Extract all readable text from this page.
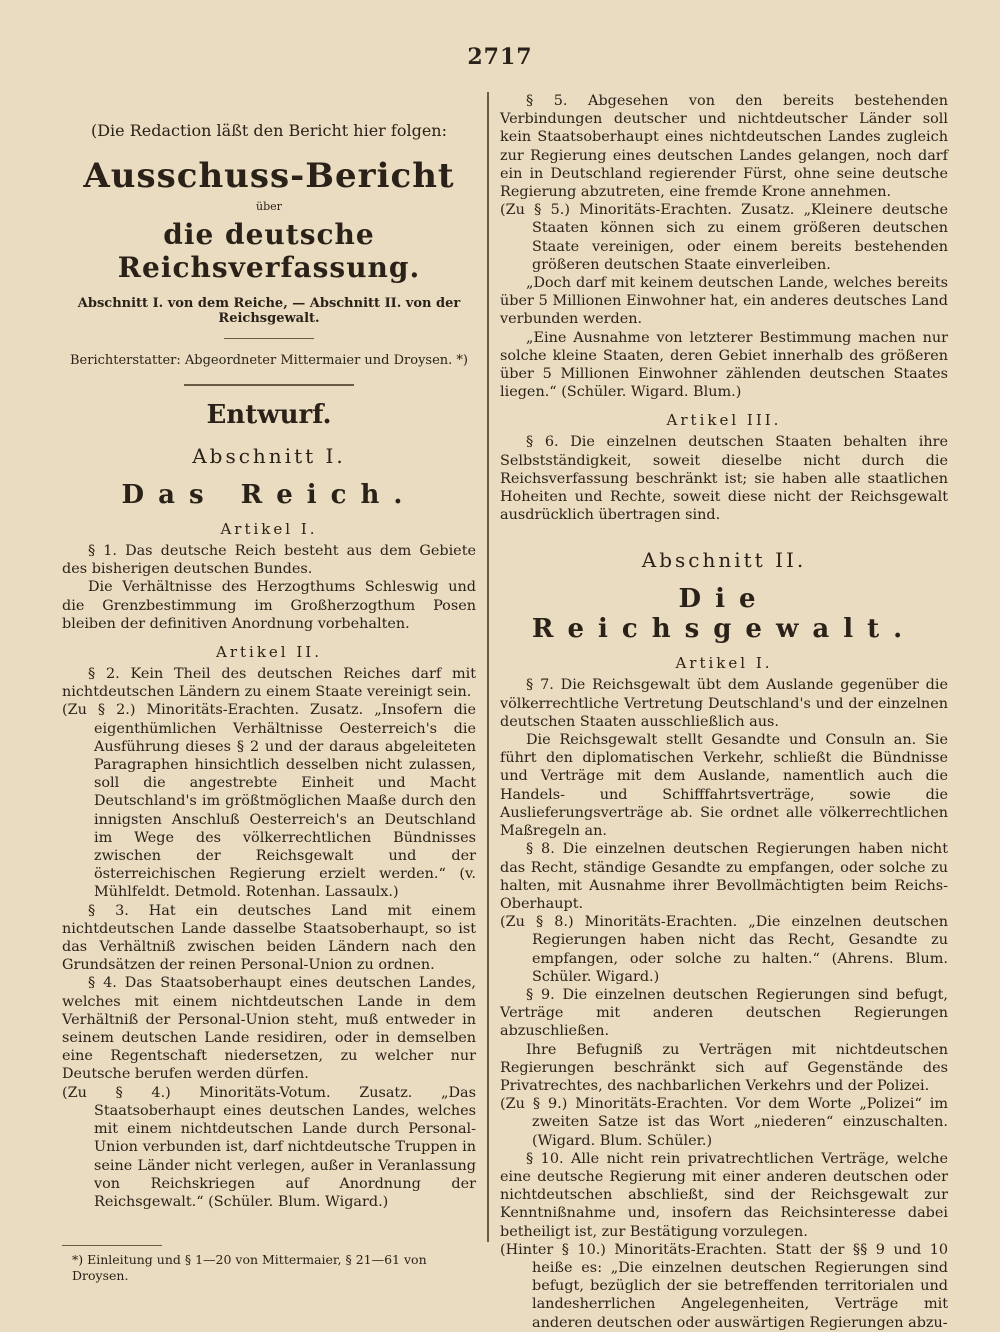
2717

(Die Redaction läßt den Bericht hier folgen:

Ausschuss-Bericht

über

die deutsche Reichsverfassung.

Abschnitt I. von dem Reiche, — Abschnitt II. von der Reichsgewalt.

Berichterstatter: Abgeordneter Mittermaier und Droysen. *)

Entwurf.

Abschnitt I.

Das Reich.

Artikel I.

§ 1. Das deutsche Reich besteht aus dem Gebiete des bisherigen deutschen Bundes.

Die Verhältnisse des Herzogthums Schleswig und die Grenzbestimmung im Großherzogthum Posen bleiben der definitiven Anordnung vorbehalten.

Artikel II.

§ 2. Kein Theil des deutschen Reiches darf mit nichtdeutschen Ländern zu einem Staate vereinigt sein.

(Zu § 2.) Minoritäts-Erachten. Zusatz. „Insofern die eigenthümlichen Verhältnisse Oesterreich's die Ausführung dieses § 2 und der daraus abgeleiteten Paragraphen hinsichtlich desselben nicht zulassen, soll die angestrebte Einheit und Macht Deutschland's im größtmöglichen Maaße durch den innigsten Anschluß Oesterreich's an Deutschland im Wege des völkerrechtlichen Bündnisses zwischen der Reichsgewalt und der österreichischen Regierung erzielt werden.“ (v. Mühlfeldt. Detmold. Rotenhan. Lassaulx.)

§ 3. Hat ein deutsches Land mit einem nichtdeutschen Lande dasselbe Staatsoberhaupt, so ist das Verhältniß zwischen beiden Ländern nach den Grundsätzen der reinen Personal-Union zu ordnen.

§ 4. Das Staatsoberhaupt eines deutschen Landes, welches mit einem nichtdeutschen Lande in dem Verhältniß der Personal-Union steht, muß entweder in seinem deutschen Lande residiren, oder in demselben eine Regentschaft niedersetzen, zu welcher nur Deutsche berufen werden dürfen.

(Zu § 4.) Minoritäts-Votum. Zusatz. „Das Staatsoberhaupt eines deutschen Landes, welches mit einem nichtdeutschen Lande durch Personal-Union verbunden ist, darf nichtdeutsche Truppen in seine Länder nicht verlegen, außer in Veranlassung von Reichskriegen auf Anordnung der Reichsgewalt.“ (Schüler. Blum. Wigard.)

*) Einleitung und § 1—20 von Mittermaier, § 21—61 von Droysen.

§ 5. Abgesehen von den bereits bestehenden Verbindungen deutscher und nichtdeutscher Länder soll kein Staatsoberhaupt eines nichtdeutschen Landes zugleich zur Regierung eines deutschen Landes gelangen, noch darf ein in Deutschland regierender Fürst, ohne seine deutsche Regierung abzutreten, eine fremde Krone annehmen.

(Zu § 5.) Minoritäts-Erachten. Zusatz. „Kleinere deutsche Staaten können sich zu einem größeren deutschen Staate vereinigen, oder einem bereits bestehenden größeren deutschen Staate einverleiben.

„Doch darf mit keinem deutschen Lande, welches bereits über 5 Millionen Einwohner hat, ein anderes deutsches Land verbunden werden.

„Eine Ausnahme von letzterer Bestimmung machen nur solche kleine Staaten, deren Gebiet innerhalb des größeren über 5 Millionen Einwohner zählenden deutschen Staates liegen.“ (Schüler. Wigard. Blum.)

Artikel III.

§ 6. Die einzelnen deutschen Staaten behalten ihre Selbstständigkeit, soweit dieselbe nicht durch die Reichsverfassung beschränkt ist; sie haben alle staatlichen Hoheiten und Rechte, soweit diese nicht der Reichsgewalt ausdrücklich übertragen sind.

Abschnitt II.

Die Reichsgewalt.

Artikel I.

§ 7. Die Reichsgewalt übt dem Auslande gegenüber die völkerrechtliche Vertretung Deutschland's und der einzelnen deutschen Staaten ausschließlich aus.

Die Reichsgewalt stellt Gesandte und Consuln an. Sie führt den diplomatischen Verkehr, schließt die Bündnisse und Verträge mit dem Auslande, namentlich auch die Handels- und Schifffahrtsverträge, sowie die Auslieferungsverträge ab. Sie ordnet alle völkerrechtlichen Maßregeln an.

§ 8. Die einzelnen deutschen Regierungen haben nicht das Recht, ständige Gesandte zu empfangen, oder solche zu halten, mit Ausnahme ihrer Bevollmächtigten beim Reichs-Oberhaupt.

(Zu § 8.) Minoritäts-Erachten. „Die einzelnen deutschen Regierungen haben nicht das Recht, Gesandte zu empfangen, oder solche zu halten.“ (Ahrens. Blum. Schüler. Wigard.)

§ 9. Die einzelnen deutschen Regierungen sind befugt, Verträge mit anderen deutschen Regierungen abzuschließen.

Ihre Befugniß zu Verträgen mit nichtdeutschen Regierungen beschränkt sich auf Gegenstände des Privatrechtes, des nachbarlichen Verkehrs und der Polizei.

(Zu § 9.) Minoritäts-Erachten. Vor dem Worte „Polizei“ im zweiten Satze ist das Wort „niederen“ einzuschalten. (Wigard. Blum. Schüler.)

§ 10. Alle nicht rein privatrechtlichen Verträge, welche eine deutsche Regierung mit einer anderen deutschen oder nichtdeutschen abschließt, sind der Reichsgewalt zur Kenntnißnahme und, insofern das Reichsinteresse dabei betheiligt ist, zur Bestätigung vorzulegen.

(Hinter § 10.) Minoritäts-Erachten. Statt der §§ 9 und 10 heiße es: „Die einzelnen deutschen Regierungen sind befugt, bezüglich der sie betreffenden territorialen und landesherrlichen Angelegenheiten, Verträge mit anderen deutschen oder auswärtigen Regierungen abzu-
